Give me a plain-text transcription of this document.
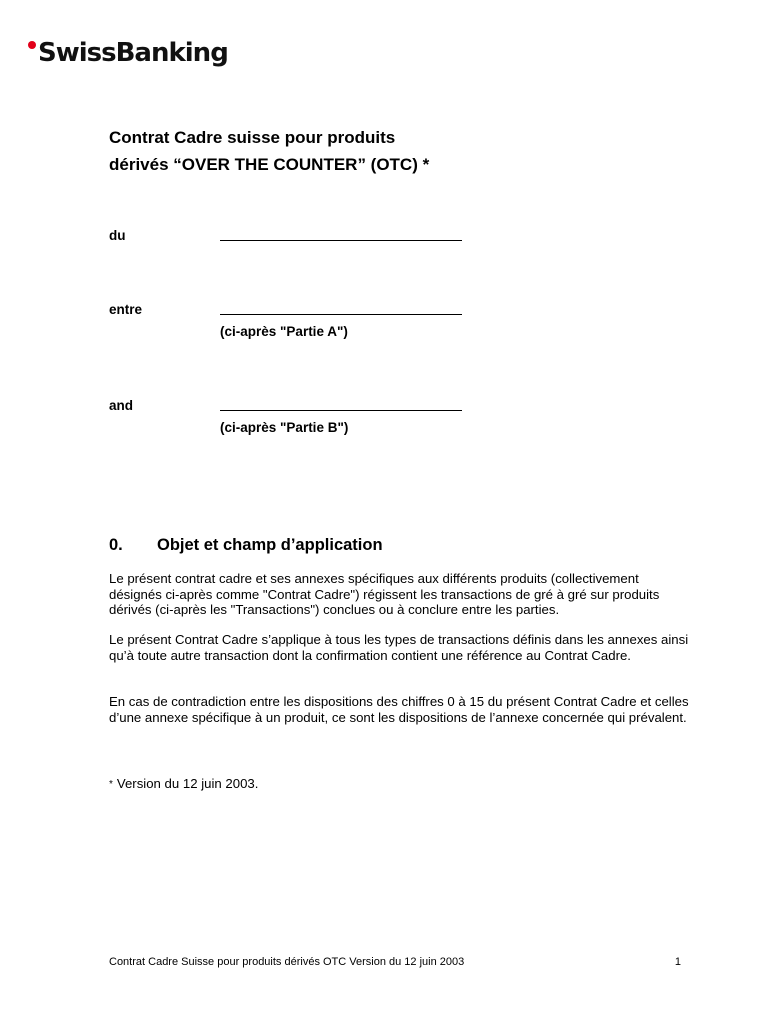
SwissBanking
Contrat Cadre suisse pour produits
dérivés “OVER THE COUNTER” (OTC) *
du
entre
(ci-après "Partie A")
and
(ci-après "Partie B")
0.	Objet et champ d’application
Le présent contrat cadre et ses annexes spécifiques aux différents produits (collectivement désignés ci-après comme "Contrat Cadre") régissent les transactions de gré à gré sur produits dérivés (ci-après les "Transactions") conclues ou à conclure entre les parties.
Le présent Contrat Cadre s’applique à tous les types de transactions définis dans les annexes ainsi qu’à toute autre transaction dont la confirmation contient une référence au Contrat Cadre.
En cas de contradiction entre les dispositions des chiffres 0 à 15 du présent Contrat Cadre et celles d’une annexe spécifique à un produit, ce sont les dispositions de l’annexe concernée qui prévalent.
* Version du 12 juin 2003.
Contrat Cadre Suisse pour produits dérivés OTC Version du 12 juin 2003	1
